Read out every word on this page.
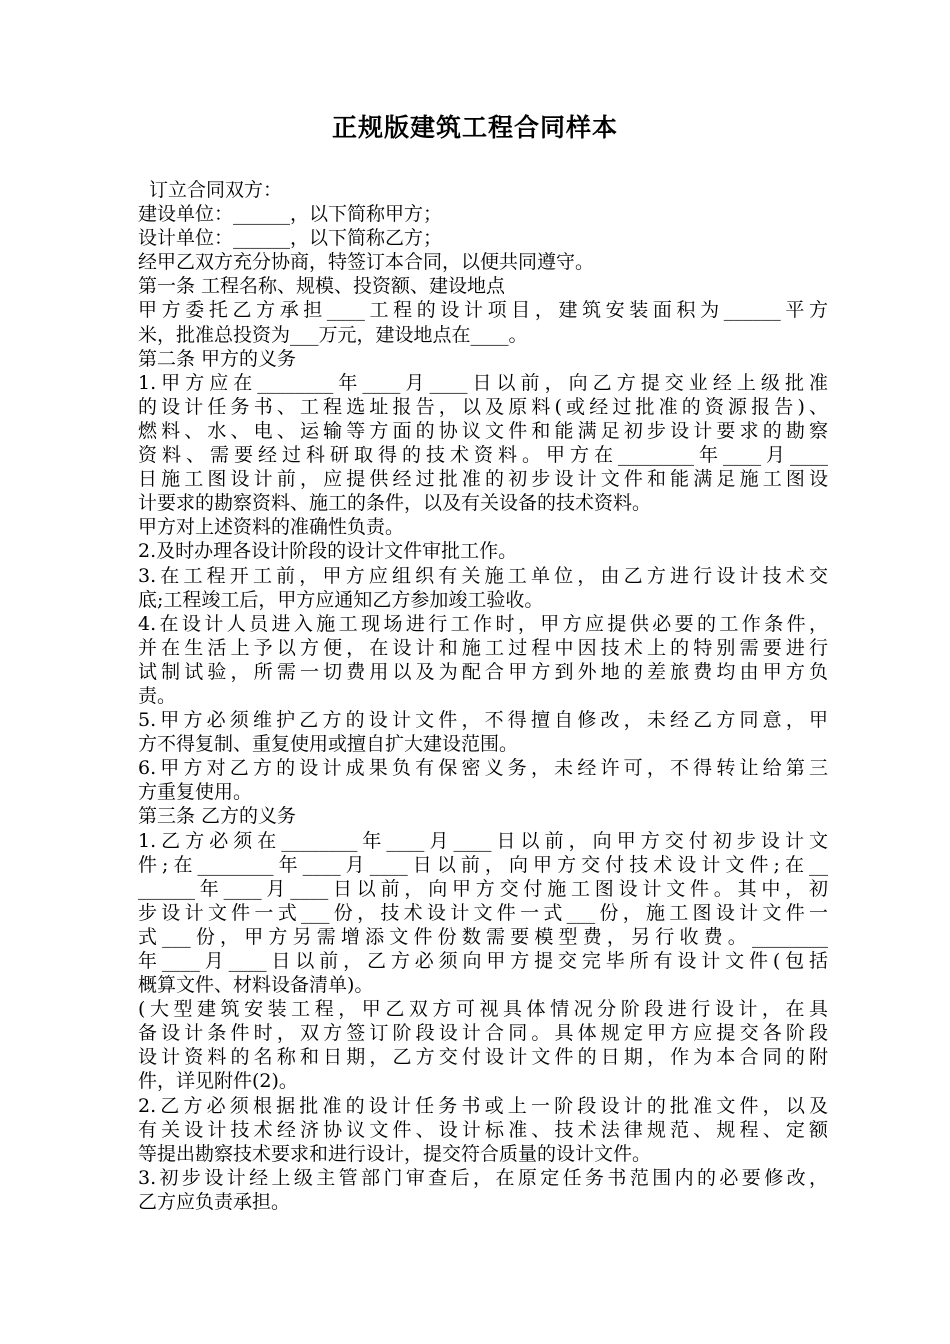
正规版建筑工程合同样本
订立合同双方：
建设单位：______，以下简称甲方；
设计单位：______，以下简称乙方；
经甲乙双方充分协商，特签订本合同，以便共同遵守。
第一条 工程名称、规模、投资额、建设地点
甲方委托乙方承担____工程的设计项目，建筑安装面积为______平方
米，批准总投资为___万元，建设地点在____。
第二条 甲方的义务
1.甲方应在________年____月____日以前，向乙方提交业经上级批准
的设计任务书、工程选址报告，以及原料(或经过批准的资源报告)、
燃料、水、电、运输等方面的协议文件和能满足初步设计要求的勘察
资料、需要经过科研取得的技术资料。甲方在________年____月____
日施工图设计前，应提供经过批准的初步设计文件和能满足施工图设
计要求的勘察资料、施工的条件，以及有关设备的技术资料。
甲方对上述资料的准确性负责。
2.及时办理各设计阶段的设计文件审批工作。
3.在工程开工前，甲方应组织有关施工单位，由乙方进行设计技术交
底;工程竣工后，甲方应通知乙方参加竣工验收。
4.在设计人员进入施工现场进行工作时，甲方应提供必要的工作条件，
并在生活上予以方便，在设计和施工过程中因技术上的特别需要进行
试制试验，所需一切费用以及为配合甲方到外地的差旅费均由甲方负
责。
5.甲方必须维护乙方的设计文件，不得擅自修改，未经乙方同意，甲
方不得复制、重复使用或擅自扩大建设范围。
6.甲方对乙方的设计成果负有保密义务，未经许可，不得转让给第三
方重复使用。
第三条 乙方的义务
1.乙方必须在________年____月____日以前，向甲方交付初步设计文
件;在________年____月____日以前，向甲方交付技术设计文件;在__
______年____月____日以前，向甲方交付施工图设计文件。其中，初
步设计文件一式___份，技术设计文件一式___份，施工图设计文件一
式___份，甲方另需增添文件份数需要模型费，另行收费。________
年____月____日以前，乙方必须向甲方提交完毕所有设计文件(包括
概算文件、材料设备清单)。
(大型建筑安装工程，甲乙双方可视具体情况分阶段进行设计，在具
备设计条件时，双方签订阶段设计合同。具体规定甲方应提交各阶段
设计资料的名称和日期，乙方交付设计文件的日期，作为本合同的附
件，详见附件(2)。
2.乙方必须根据批准的设计任务书或上一阶段设计的批准文件，以及
有关设计技术经济协议文件、设计标准、技术法律规范、规程、定额
等提出勘察技术要求和进行设计，提交符合质量的设计文件。
3.初步设计经上级主管部门审查后，在原定任务书范围内的必要修改，
乙方应负责承担。
